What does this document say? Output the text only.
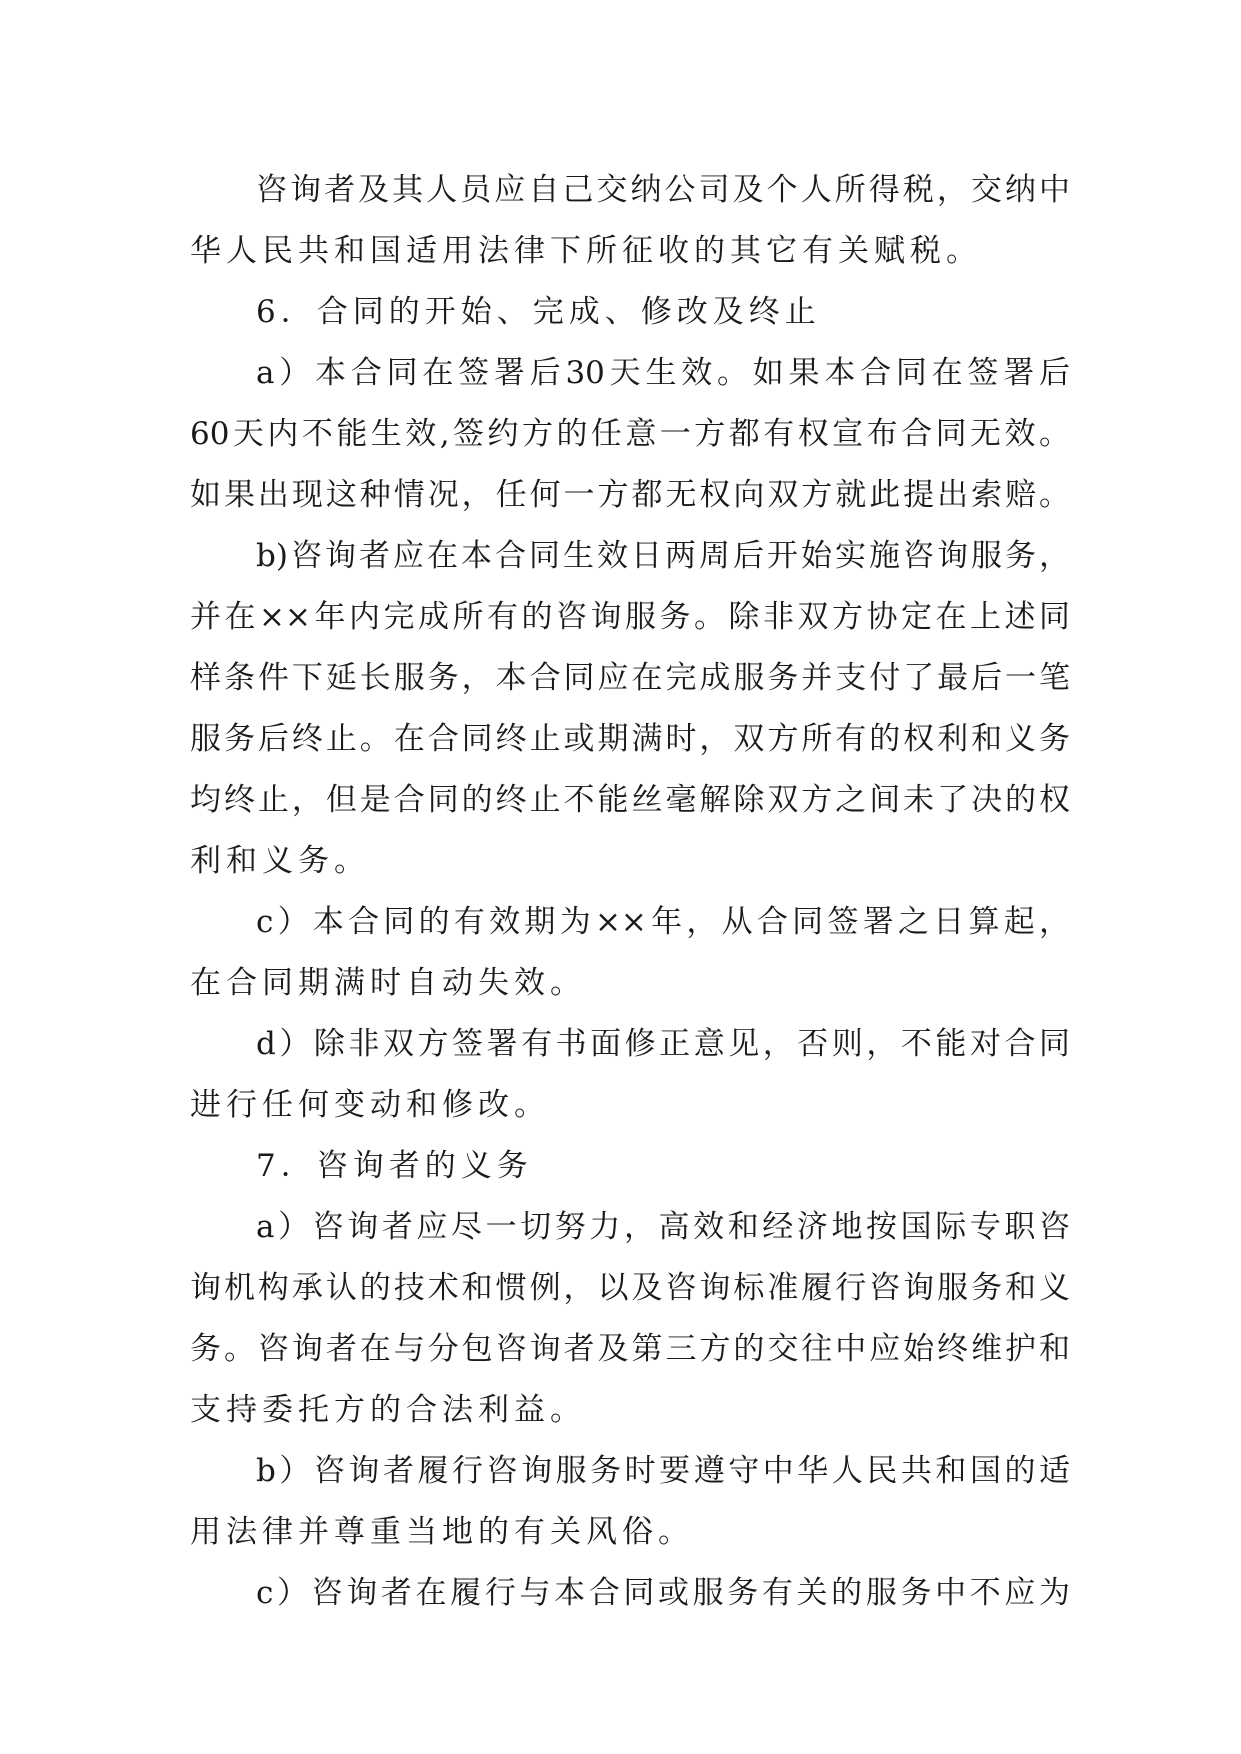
咨询者及其人员应自己交纳公司及个人所得税，交纳中
华人民共和国适用法律下所征收的其它有关赋税。
6．合同的开始、完成、修改及终止
a）本合同在签署后30天生效。如果本合同在签署后
60天内不能生效,签约方的任意一方都有权宣布合同无效。
如果出现这种情况，任何一方都无权向双方就此提出索赔。
b)咨询者应在本合同生效日两周后开始实施咨询服务，
并在××年内完成所有的咨询服务。除非双方协定在上述同
样条件下延长服务，本合同应在完成服务并支付了最后一笔
服务后终止。在合同终止或期满时，双方所有的权利和义务
均终止，但是合同的终止不能丝毫解除双方之间未了决的权
利和义务。
c）本合同的有效期为××年，从合同签署之日算起，
在合同期满时自动失效。
d）除非双方签署有书面修正意见，否则，不能对合同
进行任何变动和修改。
7．咨询者的义务
a）咨询者应尽一切努力，高效和经济地按国际专职咨
询机构承认的技术和惯例，以及咨询标准履行咨询服务和义
务。咨询者在与分包咨询者及第三方的交往中应始终维护和
支持委托方的合法利益。
b）咨询者履行咨询服务时要遵守中华人民共和国的适
用法律并尊重当地的有关风俗。
c）咨询者在履行与本合同或服务有关的服务中不应为
